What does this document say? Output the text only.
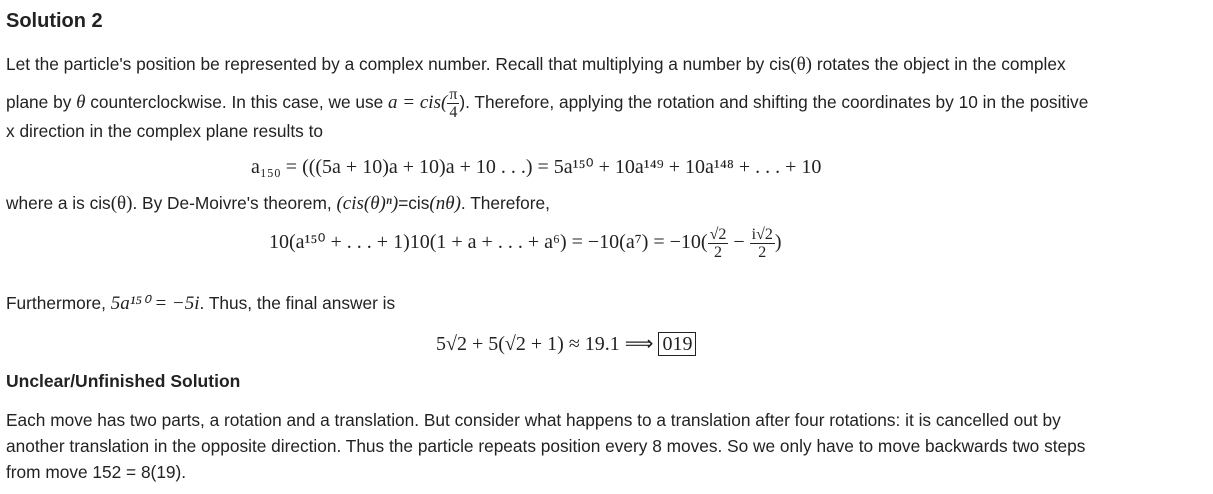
Solution 2
Let the particle's position be represented by a complex number. Recall that multiplying a number by cis(θ) rotates the object in the complex
plane by θ counterclockwise. In this case, we use $a = cis( \frac{\pi}{4}$ ). Therefore, applying the rotation and shifting the coordinates by 10 in the positive
x direction in the complex plane results to
a₁₅₀ = (((5a + 10)a + 10)a + 10 . . .) = 5a¹⁵⁰ + 10a¹⁴⁹ + 10a¹⁴⁸ + . . . + 10
where a is cis(θ). By De-Moivre's theorem, (cis(θ)ⁿ)=cis(nθ). Therefore,
10(a¹⁵⁰ + . . . + 1)10(1 + a + . . . + $a^6) = -10(a^7) = -10( \frac{√2}{2} - \frac{i√2}{2}$ )
Furthermore, 5a¹⁵⁰ = −5i. Thus, the final answer is
5√2 + 5(√2 + 1) ≈ 19.1 ⟹ 019
Unclear/Unfinished Solution
Each move has two parts, a rotation and a translation. But consider what happens to a translation after four rotations: it is cancelled out by
another translation in the opposite direction. Thus the particle repeats position every 8 moves. So we only have to move backwards two steps
from move 152 = 8(19).
